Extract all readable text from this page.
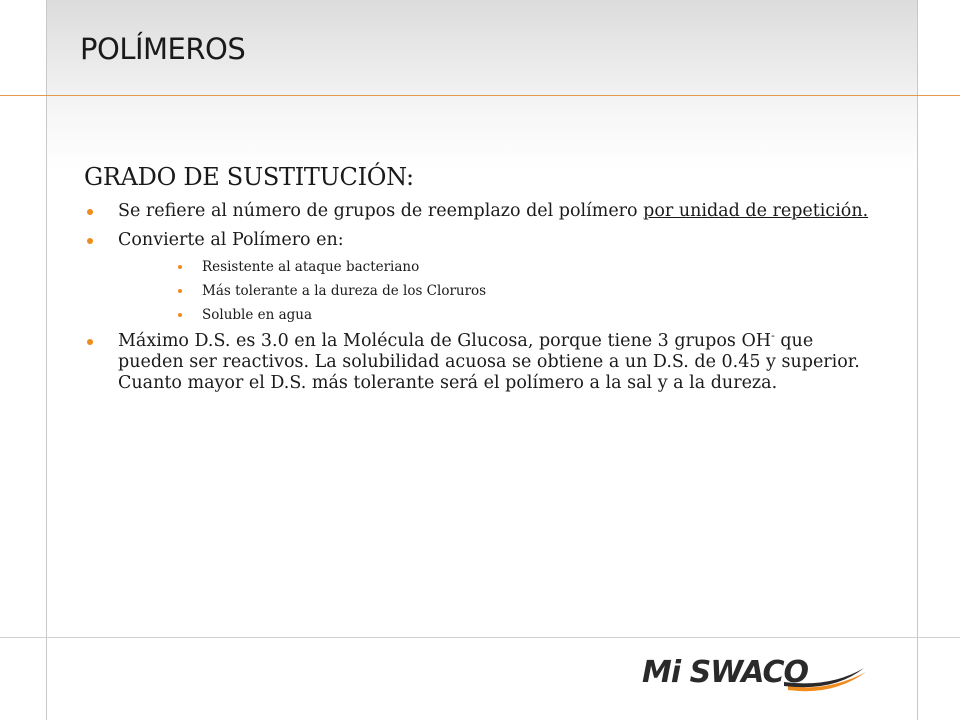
POLÍMEROS
GRADO DE SUSTITUCIÓN:
Se refiere al número de grupos de reemplazo del polímero por unidad de repetición.
Convierte al Polímero en:
Resistente al ataque bacteriano
Más tolerante a la dureza de los Cloruros
Soluble en agua
Máximo D.S. es 3.0 en la Molécula de Glucosa, porque tiene 3 grupos OH- que pueden ser reactivos. La solubilidad acuosa se obtiene a un D.S. de 0.45 y superior. Cuanto mayor el D.S. más tolerante será el polímero a la sal y a la dureza.
Mi SWACO
